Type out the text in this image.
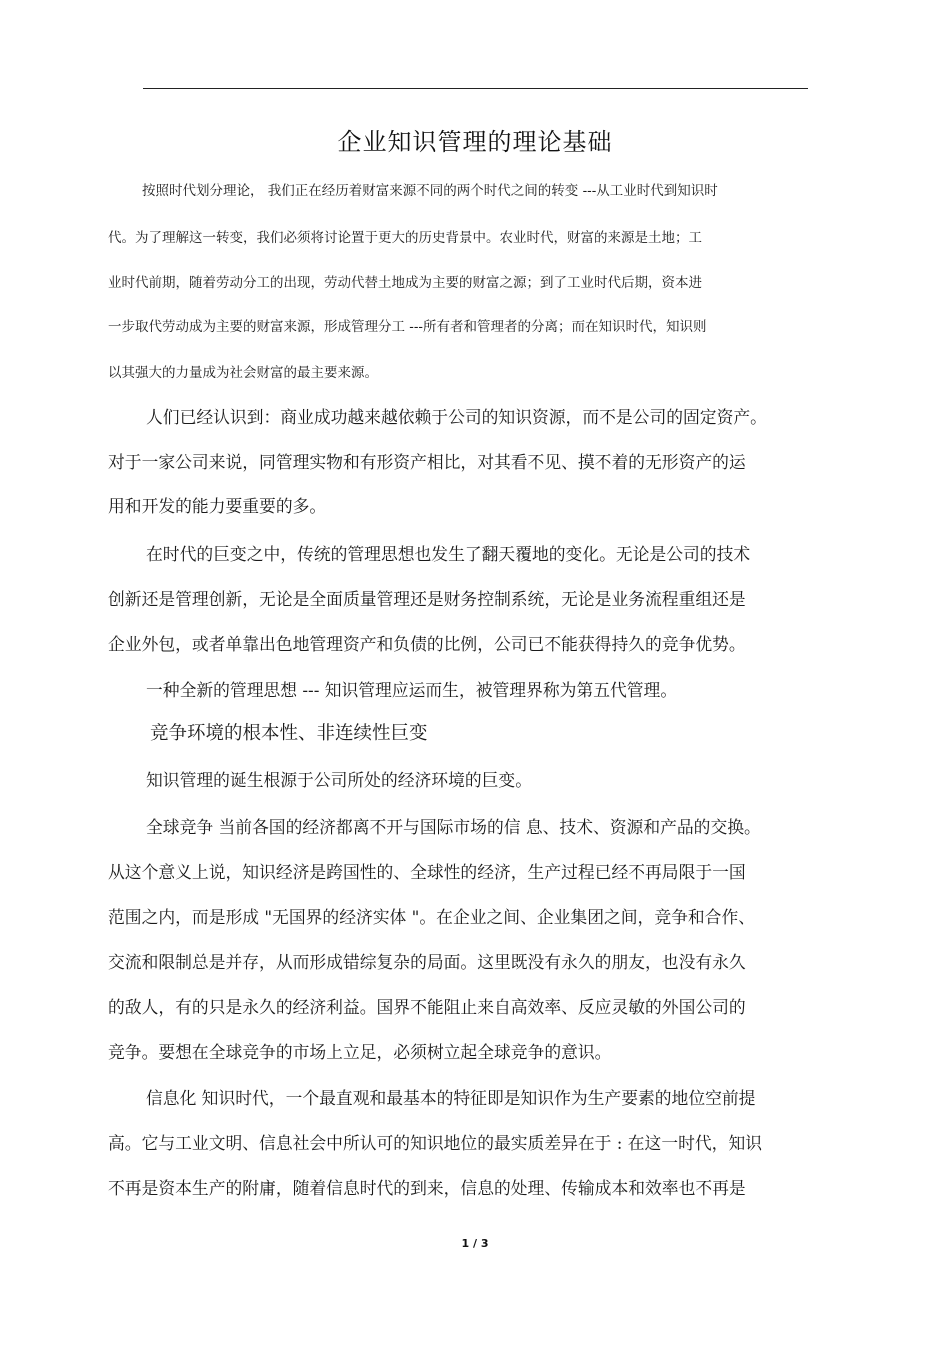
企业知识管理的理论基础
按照时代划分理论， 我们正在经历着财富来源不同的两个时代之间的转变 ---从工业时代到知识时
代。为了理解这一转变，我们必须将讨论置于更大的历史背景中。农业时代，财富的来源是土地；工
业时代前期，随着劳动分工的出现，劳动代替土地成为主要的财富之源；到了工业时代后期，资本进
一步取代劳动成为主要的财富来源，形成管理分工 ---所有者和管理者的分离；而在知识时代，知识则
以其强大的力量成为社会财富的最主要来源。
人们已经认识到：商业成功越来越依赖于公司的知识资源，而不是公司的固定资产。
对于一家公司来说，同管理实物和有形资产相比，对其看不见、摸不着的无形资产的运
用和开发的能力要重要的多。
在时代的巨变之中，传统的管理思想也发生了翻天覆地的变化。无论是公司的技术
创新还是管理创新，无论是全面质量管理还是财务控制系统，无论是业务流程重组还是
企业外包，或者单靠出色地管理资产和负债的比例，公司已不能获得持久的竞争优势。
一种全新的管理思想 --- 知识管理应运而生，被管理界称为第五代管理。
竞争环境的根本性、非连续性巨变
知识管理的诞生根源于公司所处的经济环境的巨变。
全球竞争 当前各国的经济都离不开与国际市场的信 息、技术、资源和产品的交换。
从这个意义上说，知识经济是跨国性的、全球性的经济，生产过程已经不再局限于一国
范围之内，而是形成 "无国界的经济实体 "。在企业之间、企业集团之间，竞争和合作、
交流和限制总是并存，从而形成错综复杂的局面。这里既没有永久的朋友，也没有永久
的敌人，有的只是永久的经济利益。国界不能阻止来自高效率、反应灵敏的外国公司的
竞争。要想在全球竞争的市场上立足，必须树立起全球竞争的意识。
信息化 知识时代，一个最直观和最基本的特征即是知识作为生产要素的地位空前提
高。它与工业文明、信息社会中所认可的知识地位的最实质差异在于 : 在这一时代，知识
不再是资本生产的附庸，随着信息时代的到来，信息的处理、传输成本和效率也不再是
1 / 3
